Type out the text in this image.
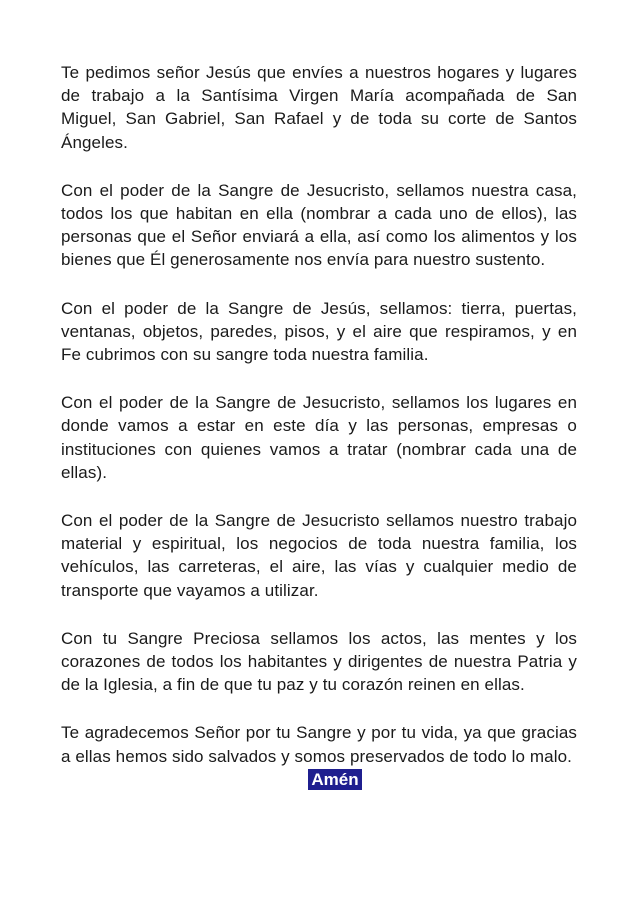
Te pedimos señor Jesús que envíes a nuestros hogares y lugares de trabajo a la Santísima Virgen María acompañada de San Miguel, San Gabriel, San Rafael y de toda su corte de Santos Ángeles.

Con el poder de la Sangre de Jesucristo, sellamos nuestra casa, todos los que habitan en ella (nombrar a cada uno de ellos), las personas que el Señor enviará a ella, así como los alimentos y los bienes que Él generosamente nos envía para nuestro sustento.

Con el poder de la Sangre de Jesús, sellamos: tierra, puertas, ventanas, objetos, paredes, pisos, y el aire que respiramos, y en Fe cubrimos con su sangre toda nuestra familia.

Con el poder de la Sangre de Jesucristo, sellamos los lugares en donde vamos a estar en este día y las personas, empresas o instituciones con quienes vamos a tratar (nombrar cada una de ellas).

Con el poder de la Sangre de Jesucristo sellamos nuestro trabajo material y espiritual, los negocios de toda nuestra familia, los vehículos, las carreteras, el aire, las vías y cualquier medio de transporte que vayamos a utilizar.

Con tu Sangre Preciosa sellamos los actos, las mentes y los corazones de todos los habitantes y dirigentes de nuestra Patria y de la Iglesia, a fin de que tu paz y tu corazón reinen en ellas.

Te agradecemos Señor por tu Sangre y por tu vida, ya que gracias a ellas hemos sido salvados y somos preservados de todo lo malo.

Amén
